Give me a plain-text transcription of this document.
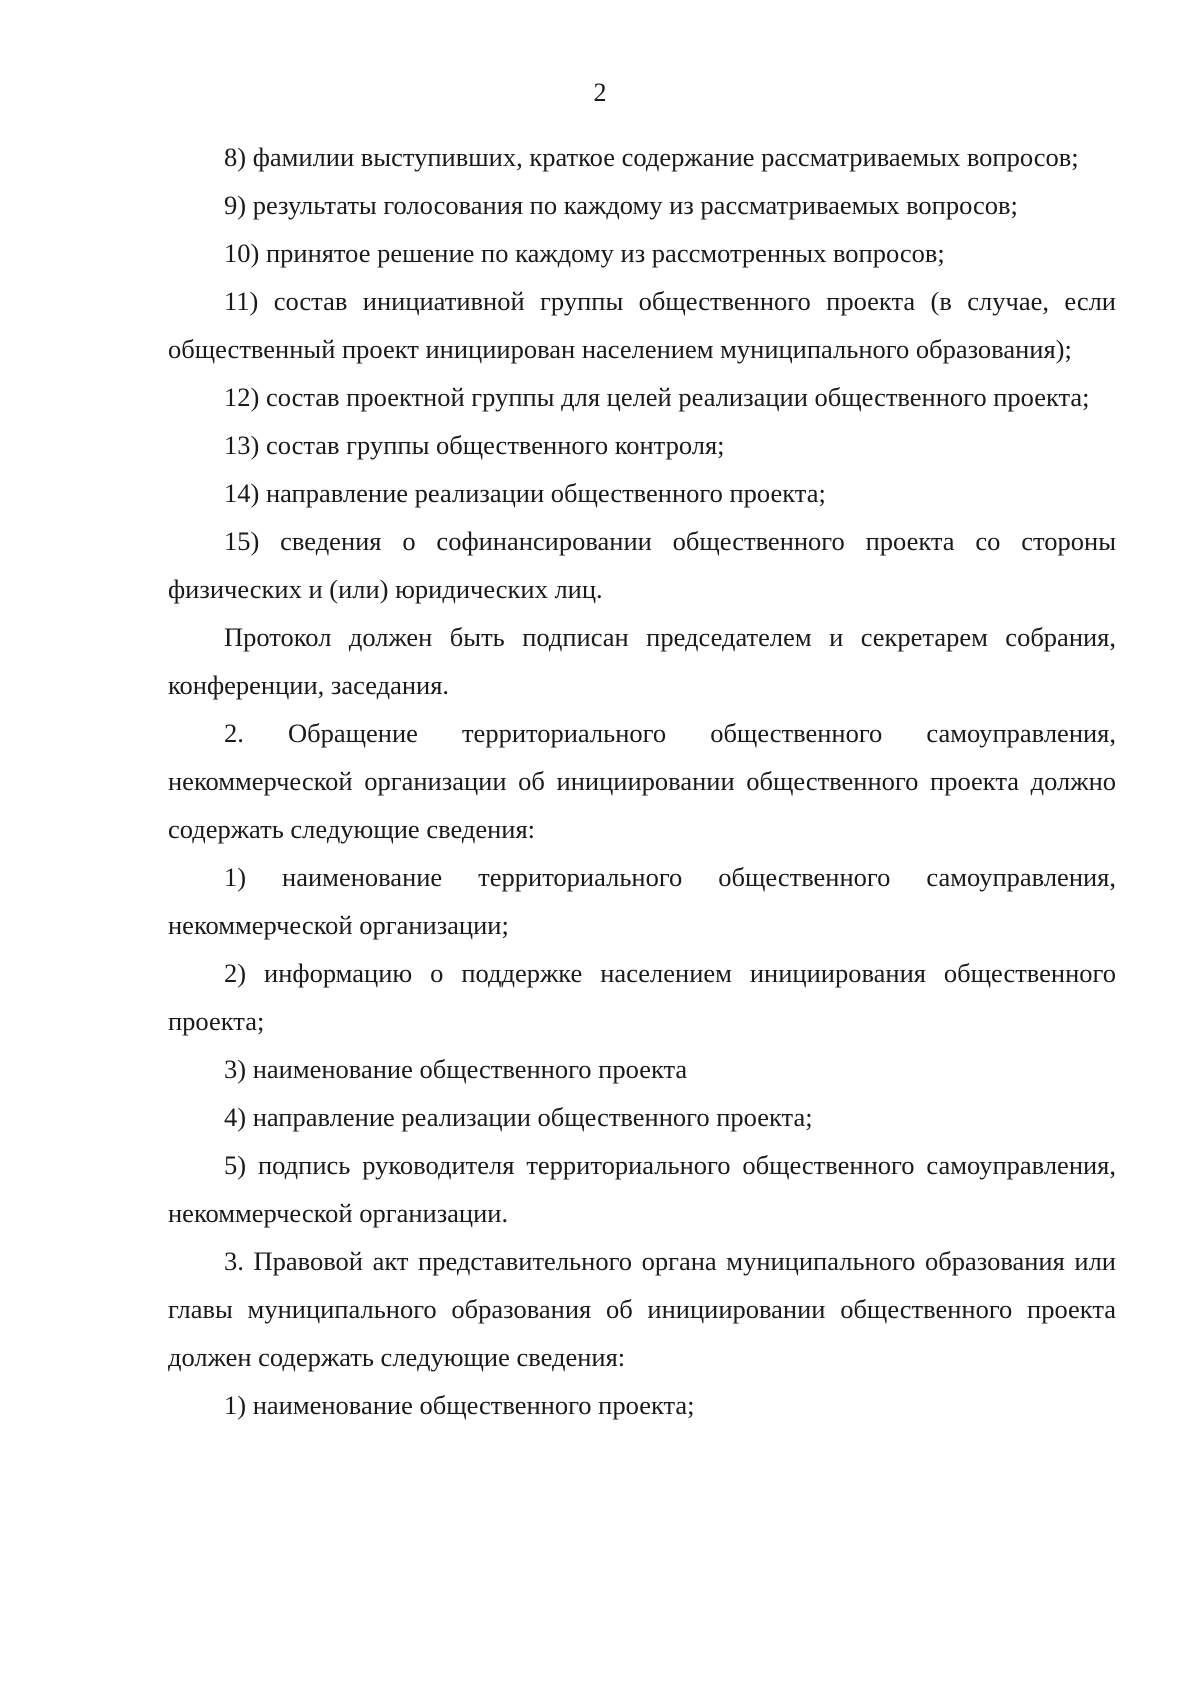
2

8) фамилии выступивших, краткое содержание рассматриваемых вопросов;

9) результаты голосования по каждому из рассматриваемых вопросов;

10) принятое решение по каждому из рассмотренных вопросов;

11) состав инициативной группы общественного проекта (в случае, если общественный проект инициирован населением муниципального образования);

12) состав проектной группы для целей реализации общественного проекта;

13) состав группы общественного контроля;

14) направление реализации общественного проекта;

15) сведения о софинансировании общественного проекта со стороны физических и (или) юридических лиц.

Протокол должен быть подписан председателем и секретарем собрания, конференции, заседания.

2. Обращение территориального общественного самоуправления, некоммерческой организации об инициировании общественного проекта должно содержать следующие сведения:

1) наименование территориального общественного самоуправления, некоммерческой организации;

2) информацию о поддержке населением инициирования общественного проекта;

3) наименование общественного проекта

4) направление реализации общественного проекта;

5) подпись руководителя территориального общественного самоуправления, некоммерческой организации.

3. Правовой акт представительного органа муниципального образования или главы муниципального образования об инициировании общественного проекта должен содержать следующие сведения:

1) наименование общественного проекта;
